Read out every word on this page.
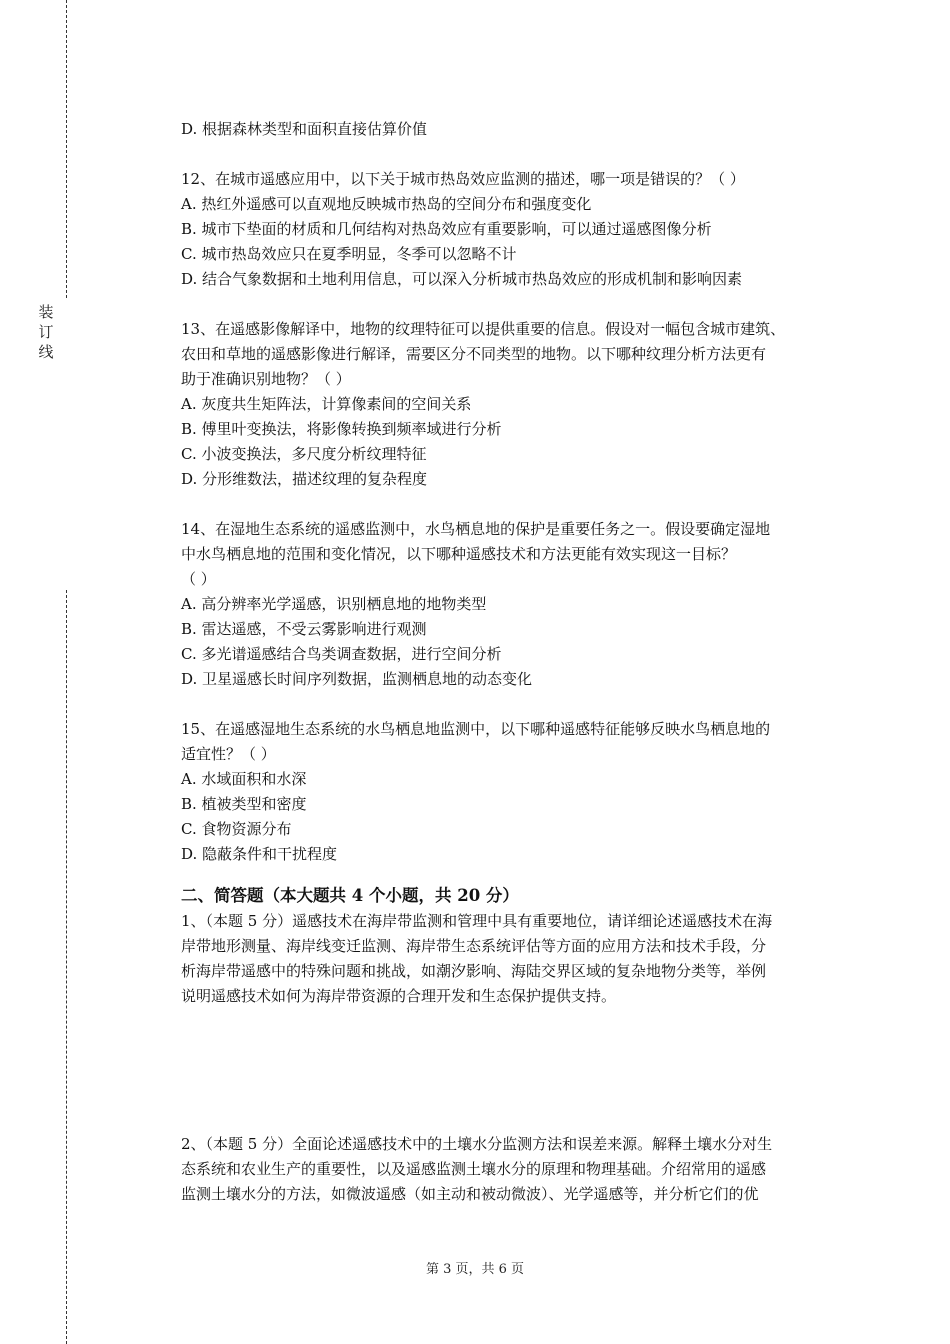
装
订
线
D. 根据森林类型和面积直接估算价值
12、在城市遥感应用中，以下关于城市热岛效应监测的描述，哪一项是错误的？（ ）
A. 热红外遥感可以直观地反映城市热岛的空间分布和强度变化
B. 城市下垫面的材质和几何结构对热岛效应有重要影响，可以通过遥感图像分析
C. 城市热岛效应只在夏季明显，冬季可以忽略不计
D. 结合气象数据和土地利用信息，可以深入分析城市热岛效应的形成机制和影响因素
13、在遥感影像解译中，地物的纹理特征可以提供重要的信息。假设对一幅包含城市建筑、
农田和草地的遥感影像进行解译，需要区分不同类型的地物。以下哪种纹理分析方法更有
助于准确识别地物？（ ）
A. 灰度共生矩阵法，计算像素间的空间关系
B. 傅里叶变换法，将影像转换到频率域进行分析
C. 小波变换法，多尺度分析纹理特征
D. 分形维数法，描述纹理的复杂程度
14、在湿地生态系统的遥感监测中，水鸟栖息地的保护是重要任务之一。假设要确定湿地
中水鸟栖息地的范围和变化情况，以下哪种遥感技术和方法更能有效实现这一目标？
（ ）
A. 高分辨率光学遥感，识别栖息地的地物类型
B. 雷达遥感，不受云雾影响进行观测
C. 多光谱遥感结合鸟类调查数据，进行空间分析
D. 卫星遥感长时间序列数据，监测栖息地的动态变化
15、在遥感湿地生态系统的水鸟栖息地监测中，以下哪种遥感特征能够反映水鸟栖息地的
适宜性？（ ）
A. 水域面积和水深
B. 植被类型和密度
C. 食物资源分布
D. 隐蔽条件和干扰程度
二、简答题（本大题共 4 个小题，共 20 分）
1、（本题 5 分）遥感技术在海岸带监测和管理中具有重要地位，请详细论述遥感技术在海
岸带地形测量、海岸线变迁监测、海岸带生态系统评估等方面的应用方法和技术手段，分
析海岸带遥感中的特殊问题和挑战，如潮汐影响、海陆交界区域的复杂地物分类等，举例
说明遥感技术如何为海岸带资源的合理开发和生态保护提供支持。
2、（本题 5 分）全面论述遥感技术中的土壤水分监测方法和误差来源。解释土壤水分对生
态系统和农业生产的重要性，以及遥感监测土壤水分的原理和物理基础。介绍常用的遥感
监测土壤水分的方法，如微波遥感（如主动和被动微波）、光学遥感等，并分析它们的优
第 3 页，共 6 页
